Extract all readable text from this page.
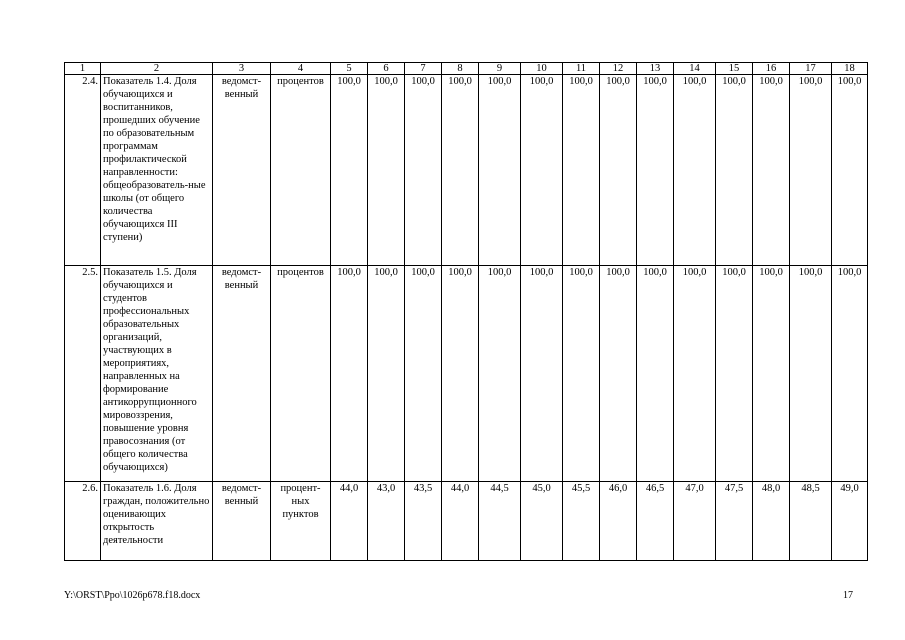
1	2	3	4	5	6	7	8	9	10	11	12	13	14	15	16	17	18
2.4.	Показатель 1.4. Доля обучающихся и воспитанников, прошедших обучение по образовательным программам профилактической направленности: общеобразователь-ные школы (от общего количества обучающихся III ступени)	ведомст-венный	процентов	100,0	100,0	100,0	100,0	100,0	100,0	100,0	100,0	100,0	100,0	100,0	100,0	100,0	100,0
2.5.	Показатель 1.5. Доля обучающихся и студентов профессиональных образовательных организаций, участвующих в мероприятиях, направленных на формирование антикоррупционного мировоззрения, повышение уровня правосознания (от общего количества обучающихся)	ведомст-венный	процентов	100,0	100,0	100,0	100,0	100,0	100,0	100,0	100,0	100,0	100,0	100,0	100,0	100,0	100,0
2.6.	Показатель 1.6. Доля граждан, положительно оценивающих открытость деятельности	ведомст-венный	процент-ных пунктов	44,0	43,0	43,5	44,0	44,5	45,0	45,5	46,0	46,5	47,0	47,5	48,0	48,5	49,0
Y:\ORST\Ppo\1026p678.f18.docx	17
